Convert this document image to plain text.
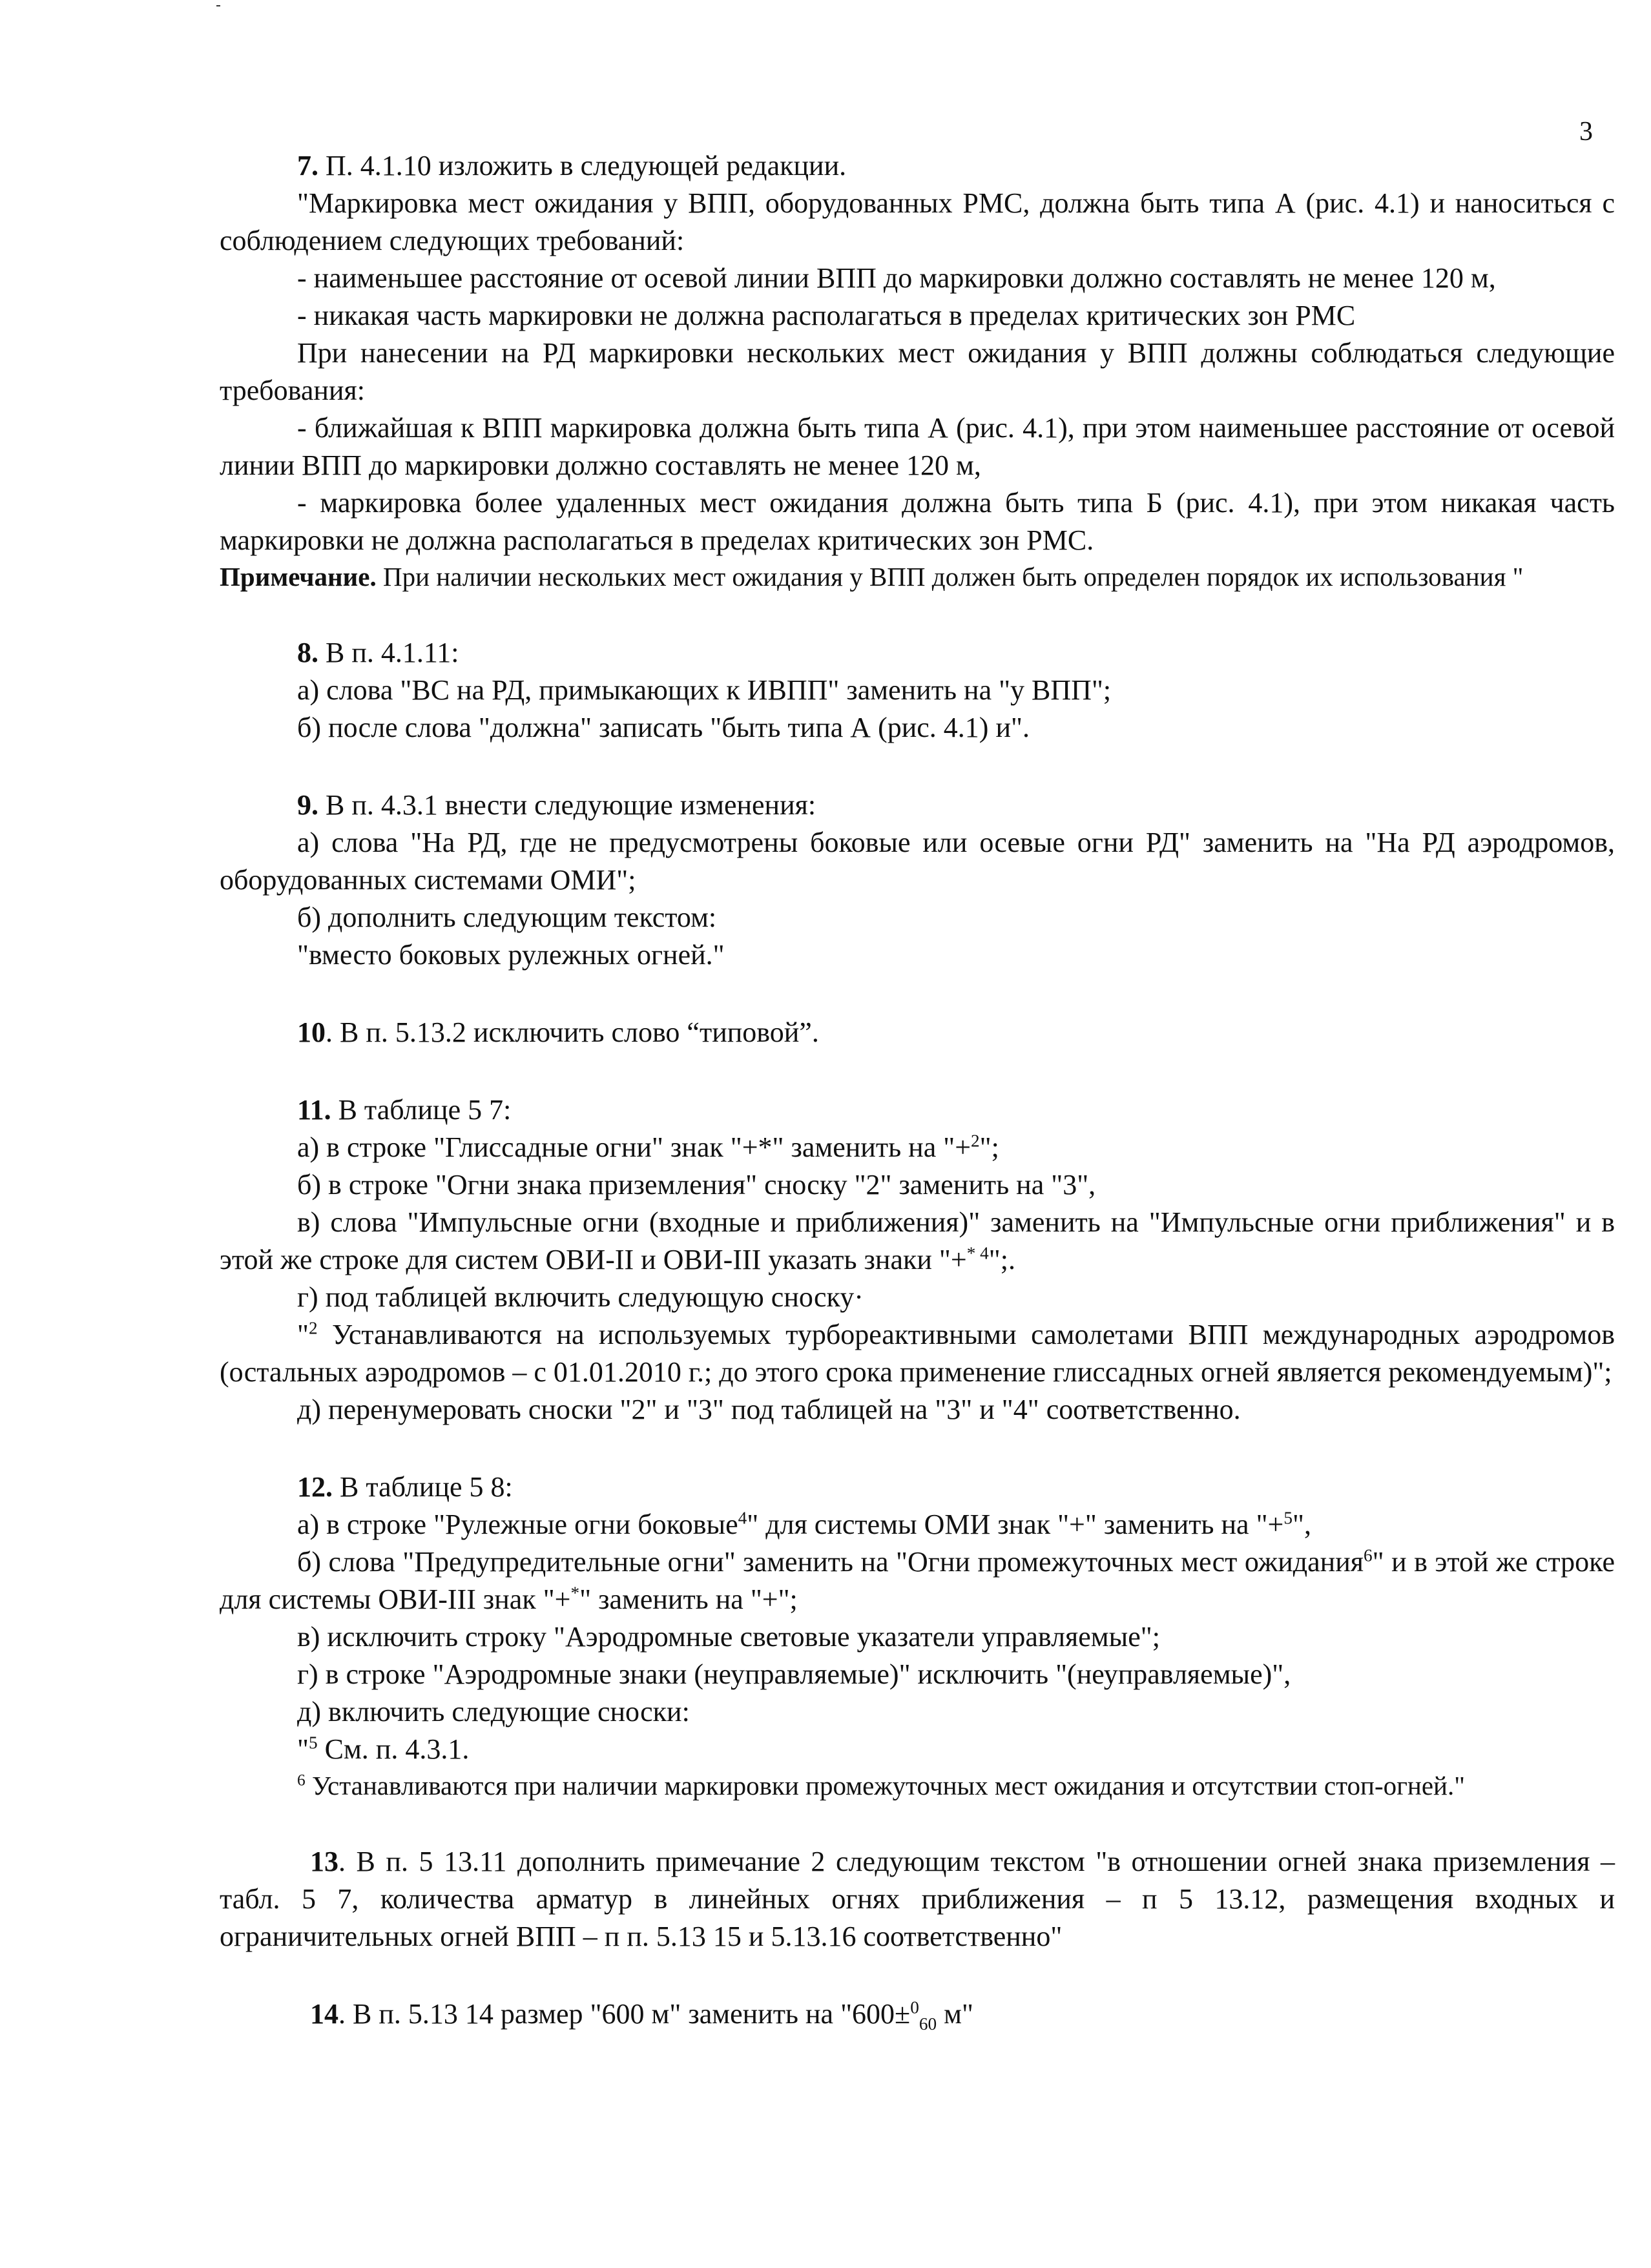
3

7. П. 4.1.10 изложить в следующей редакции.

"Маркировка мест ожидания у ВПП, оборудованных РМС, должна быть типа А (рис. 4.1) и наноситься с соблюдением следующих требований:

- наименьшее расстояние от осевой линии ВПП до маркировки должно составлять не менее 120 м,

- никакая часть маркировки не должна располагаться в пределах критических зон РМС

При нанесении на РД маркировки нескольких мест ожидания у ВПП должны соблюдаться следующие требования:

- ближайшая к ВПП маркировка должна быть типа А (рис. 4.1), при этом наименьшее расстояние от осевой линии ВПП до маркировки должно составлять не менее 120 м,

- маркировка более удаленных мест ожидания должна быть типа Б (рис. 4.1), при этом никакая часть маркировки не должна располагаться в пределах критических зон РМС.

Примечание. При наличии нескольких мест ожидания у ВПП должен быть определен порядок их использования "

8. В п. 4.1.11:

а) слова "ВС на РД, примыкающих к ИВПП" заменить на "у ВПП";

б) после слова "должна" записать "быть типа А (рис. 4.1) и".

9. В п. 4.3.1 внести следующие изменения:

а) слова "На РД, где не предусмотрены боковые или осевые огни РД" заменить на "На РД аэродромов, оборудованных системами ОМИ";

б) дополнить следующим текстом:

"вместо боковых рулежных огней."

10. В п. 5.13.2 исключить слово “типовой”.

11. В таблице 5 7:

а) в строке "Глиссадные огни" знак "+*" заменить на "+$^2$";

б) в строке "Огни знака приземления" сноску "2" заменить на "3",

в) слова "Импульсные огни (входные и приближения)" заменить на "Импульсные огни приближения" и в этой же строке для систем ОВИ-II и ОВИ-III указать знаки "+$^{* 4}$";.

г) под таблицей включить следующую сноску·

"$^2$ Устанавливаются на используемых турбореактивными самолетами ВПП международных аэродромов (остальных аэродромов – с 01.01.2010 г.; до этого срока применение глиссадных огней является рекомендуемым)";

д) перенумеровать сноски "2" и "3" под таблицей на "3" и "4" соответственно.

12. В таблице 5 8:

а) в строке "Рулежные огни боковые$^4$" для системы ОМИ знак "+" заменить на "+$^5$",

б) слова "Предупредительные огни" заменить на "Огни промежуточных мест ожидания$^6$" и в этой же строке для системы ОВИ-III знак "+*" заменить на "+";

в) исключить строку "Аэродромные световые указатели управляемые";

г) в строке "Аэродромные знаки (неуправляемые)" исключить "(неуправляемые)",

д) включить следующие сноски:

"$^5$ См. п. 4.3.1.

$^6$ Устанавливаются при наличии маркировки промежуточных мест ожидания и отсутствии стоп-огней."

13. В п. 5 13.11 дополнить примечание 2 следующим текстом "в отношении огней знака приземления – табл. 5 7, количества арматур в линейных огнях приближения – п 5 13.12, размещения входных и ограничительных огней ВПП – п п. 5.13 15 и 5.13.16 соответственно"

14. В п. 5.13 14 размер "600 м" заменить на "600±$^0_{60}$ м"
